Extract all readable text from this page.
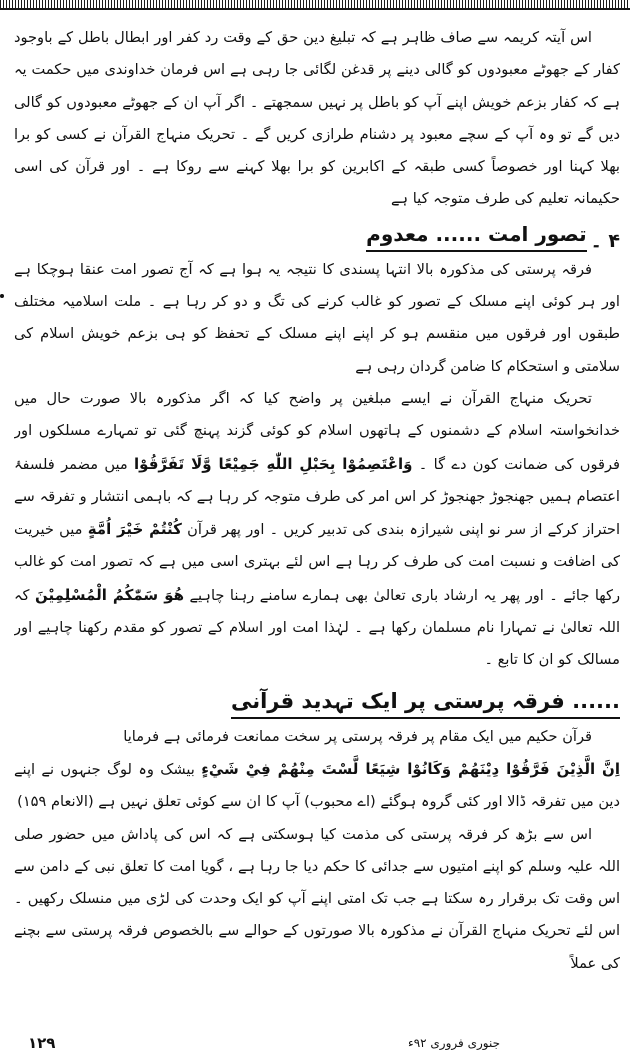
اس آیتہ کریمہ سے صاف ظاہر ہے کہ تبلیغ دین حق کے وقت رد کفر اور ابطال باطل کے باوجود کفار کے جھوٹے معبودوں کو گالی دینے پر قدغن لگائی جا رہی ہے اس فرمان خداوندی میں حکمت یہ ہے کہ کفار بزعم خویش اپنے آپ کو باطل پر نہیں سمجھتے ۔ اگر آپ ان کے جھوٹے معبودوں کو گالی دیں گے تو وہ آپ کے سچے معبود پر دشنام طرازی کریں گے ۔ تحریک منہاج القرآن نے کسی کو برا بھلا کہنا اور خصوصاً کسی طبقہ کے اکابرین کو برا بھلا کہنے سے روکا ہے ۔ اور قرآن کی اسی حکیمانہ تعلیم کی طرف متوجہ کیا ہے

۴ ۔
تصور امت ...... معدوم

فرقہ پرستی کی مذکورہ بالا انتہا پسندی کا نتیجہ یہ ہوا ہے کہ آج تصور امت عنقا ہوچکا ہے اور ہر کوئی اپنے مسلک کے تصور کو غالب کرنے کی تگ و دو کر رہا ہے ۔ ملت اسلامیہ مختلف طبقوں اور فرقوں میں منقسم ہو کر اپنے اپنے مسلک کے تحفظ کو ہی بزعم خویش اسلام کی سلامتی و استحکام کا ضامن گردان رہی ہے

تحریک منہاج القرآن نے ایسے مبلغین پر واضح کیا کہ اگر مذکورہ بالا صورت حال میں خدانخواستہ اسلام کے دشمنوں کے ہاتھوں اسلام کو کوئی گزند پہنچ گئی تو تمہارے مسلکوں اور فرقوں کی ضمانت کون دے گا ۔ وَاعْتَصِمُوْا بِحَبْلِ اللّٰهِ جَمِيْعًا وَّلَا تَفَرَّقُوْا میں مضمر فلسفۂ اعتصام ہمیں جھنجوڑ جھنجوڑ کر اس امر کی طرف متوجہ کر رہا ہے کہ باہمی انتشار و تفرقہ سے احتراز کرکے از سر نو اپنی شیرازہ بندی کی تدبیر کریں ۔ اور پھر قرآن كُنْتُمْ خَيْرَ اُمَّةٍ میں خیریت کی اضافت و نسبت امت کی طرف کر رہا ہے اس لئے بہتری اسی میں ہے کہ تصور امت کو غالب رکھا جائے ۔ اور پھر یہ ارشاد باری تعالیٰ بھی ہمارے سامنے رہنا چاہیے هُوَ سَمّٰكُمُ الْمُسْلِمِيْنَ کہ اللہ تعالیٰ نے تمہارا نام مسلمان رکھا ہے ۔ لہٰذا امت اور اسلام کے تصور کو مقدم رکھنا چاہیے اور مسالک کو ان کا تابع ۔

...... فرقہ پرستی پر ایک تہدید قرآنی

قرآن حکیم میں ایک مقام پر فرقہ پرستی پر سخت ممانعت فرمائی ہے فرمایا
اِنَّ الَّذِيْنَ فَرَّقُوْا دِيْنَهُمْ وَكَانُوْا شِيَعًا لَّسْتَ مِنْهُمْ فِيْ شَيْءٍ بیشک وہ لوگ جنہوں نے اپنے دین میں تفرقہ ڈالا اور کئی گروہ ہوگئے (اے محبوب) آپ کا ان سے کوئی تعلق نہیں ہے (الانعام ۱۵۹)

اس سے بڑھ کر فرقہ پرستی کی مذمت کیا ہوسکتی ہے کہ اس کی پاداش میں حضور صلی اللہ علیہ وسلم کو اپنے امتیوں سے جدائی کا حکم دیا جا رہا ہے ، گویا امت کا تعلق نبی کے دامن سے اس وقت تک برقرار رہ سکتا ہے جب تک امتی اپنے آپ کو ایک وحدت کی لڑی میں منسلک رکھیں ۔ اس لئے تحریک منہاج القرآن نے مذکورہ بالا صورتوں کے حوالے سے بالخصوص فرقہ پرستی سے بچنے کی عملاً

۱۲۹	جنوری فروری ۹۲ء
